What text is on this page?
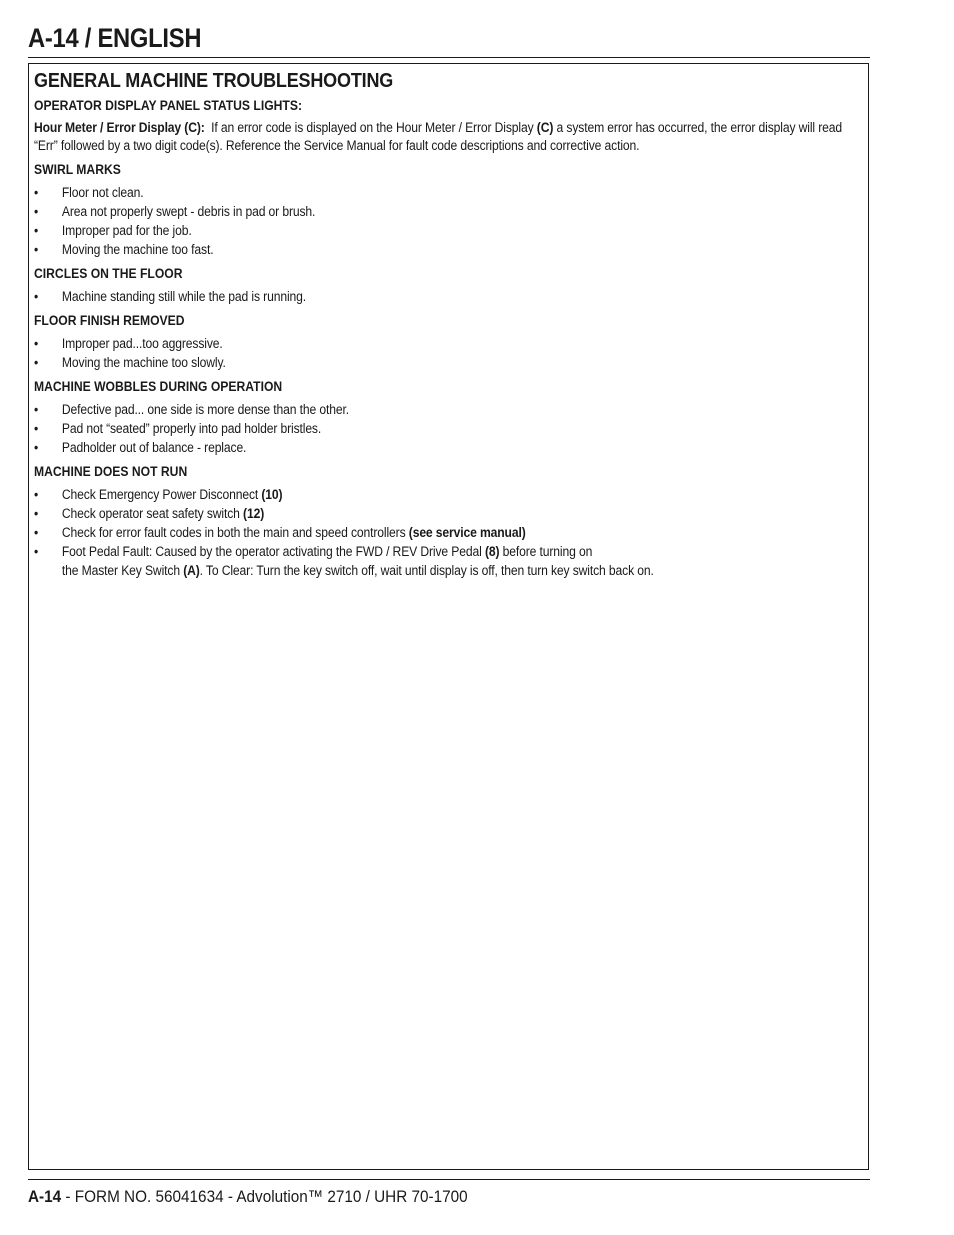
A-14 / ENGLISH
GENERAL MACHINE TROUBLESHOOTING
OPERATOR DISPLAY PANEL STATUS LIGHTS:

Hour Meter / Error Display (C): If an error code is displayed on the Hour Meter / Error Display (C) a system error has occurred, the error display will read “Err” followed by a two digit code(s). Reference the Service Manual for fault code descriptions and corrective action.

SWIRL MARKS
• Floor not clean.
• Area not properly swept - debris in pad or brush.
• Improper pad for the job.
• Moving the machine too fast.
CIRCLES ON THE FLOOR
• Machine standing still while the pad is running.
FLOOR FINISH REMOVED
• Improper pad...too aggressive.
• Moving the machine too slowly.
MACHINE WOBBLES DURING OPERATION
• Defective pad... one side is more dense than the other.
• Pad not “seated” properly into pad holder bristles.
• Padholder out of balance - replace.
MACHINE DOES NOT RUN
• Check Emergency Power Disconnect (10)
• Check operator seat safety switch (12)
• Check for error fault codes in both the main and speed controllers (see service manual)
• Foot Pedal Fault: Caused by the operator activating the FWD / REV Drive Pedal (8) before turning on
the Master Key Switch (A). To Clear: Turn the key switch off, wait until display is off, then turn key switch back on.
A-14 - FORM NO. 56041634 - Advolution™ 2710 / UHR 70-1700
